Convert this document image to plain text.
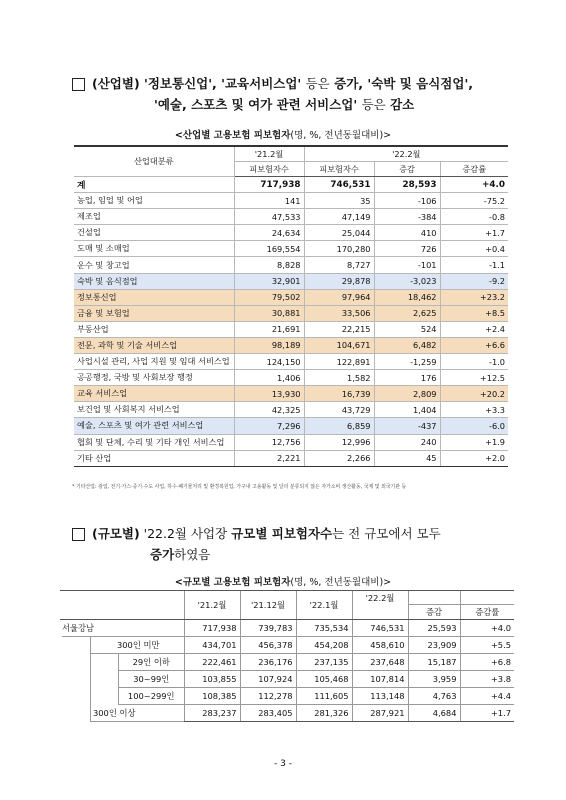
(산업별) '정보통신업', '교육서비스업' 등은 증가, '숙박 및 음식점업',
'예술, 스포츠 및 여가 관련 서비스업' 등은 감소
<산업별 고용보험 피보험자(명, %, 전년동월대비)>
산업대분류	'21.2월	'22.2월		
	피보험자수	피보험자수	증감	증감률
계	717,938	746,531	28,593	+4.0
농업, 임업 및 어업	141	35	-106	-75.2
제조업	47,533	47,149	-384	-0.8
건설업	24,634	25,044	410	+1.7
도매 및 소매업	169,554	170,280	726	+0.4
운수 및 창고업	8,828	8,727	-101	-1.1
숙박 및 음식점업	32,901	29,878	-3,023	-9.2
정보통신업	79,502	97,964	18,462	+23.2
금융 및 보험업	30,881	33,506	2,625	+8.5
부동산업	21,691	22,215	524	+2.4
전문, 과학 및 기술 서비스업	98,189	104,671	6,482	+6.6
사업시설 관리, 사업 지원 및 임대 서비스업	124,150	122,891	-1,259	-1.0
공공행정, 국방 및 사회보장 행정	1,406	1,582	176	+12.5
교육 서비스업	13,930	16,739	2,809	+20.2
보건업 및 사회복지 서비스업	42,325	43,729	1,404	+3.3
예술, 스포츠 및 여가 관련 서비스업	7,296	6,859	-437	-6.0
협회 및 단체, 수리 및 기타 개인 서비스업	12,756	12,996	240	+1.9
기타 산업	2,221	2,266	45	+2.0
* 기타산업: 광업, 전기·가스·증기·수도 사업, 하수·폐기물처리 및 환경복원업, 가구내 고용활동 및 달리 분류되지 않은 자가소비 생산활동, 국제 및 외국기관 등
(규모별) '22.2월 사업장 규모별 피보험자수는 전 규모에서 모두
증가하였음
<규모별 고용보험 피보험자(명, %, 전년동월대비)>
	'21.2월	'21.12월	'22.1월	'22.2월		
					증감	증감률

서울강남	717,938	739,783	735,534	746,531	25,593	+4.0

300인 미만	434,701	456,378	454,208	458,610	23,909	+5.5

29인 이하	222,461	236,176	237,135	237,648	15,187	+6.8

30~99인	103,855	107,924	105,468	107,814	3,959	+3.8

100~299인	108,385	112,278	111,605	113,148	4,763	+4.4

300인 이상	283,237	283,405	281,326	287,921	4,684	+1.7
- 3 -
